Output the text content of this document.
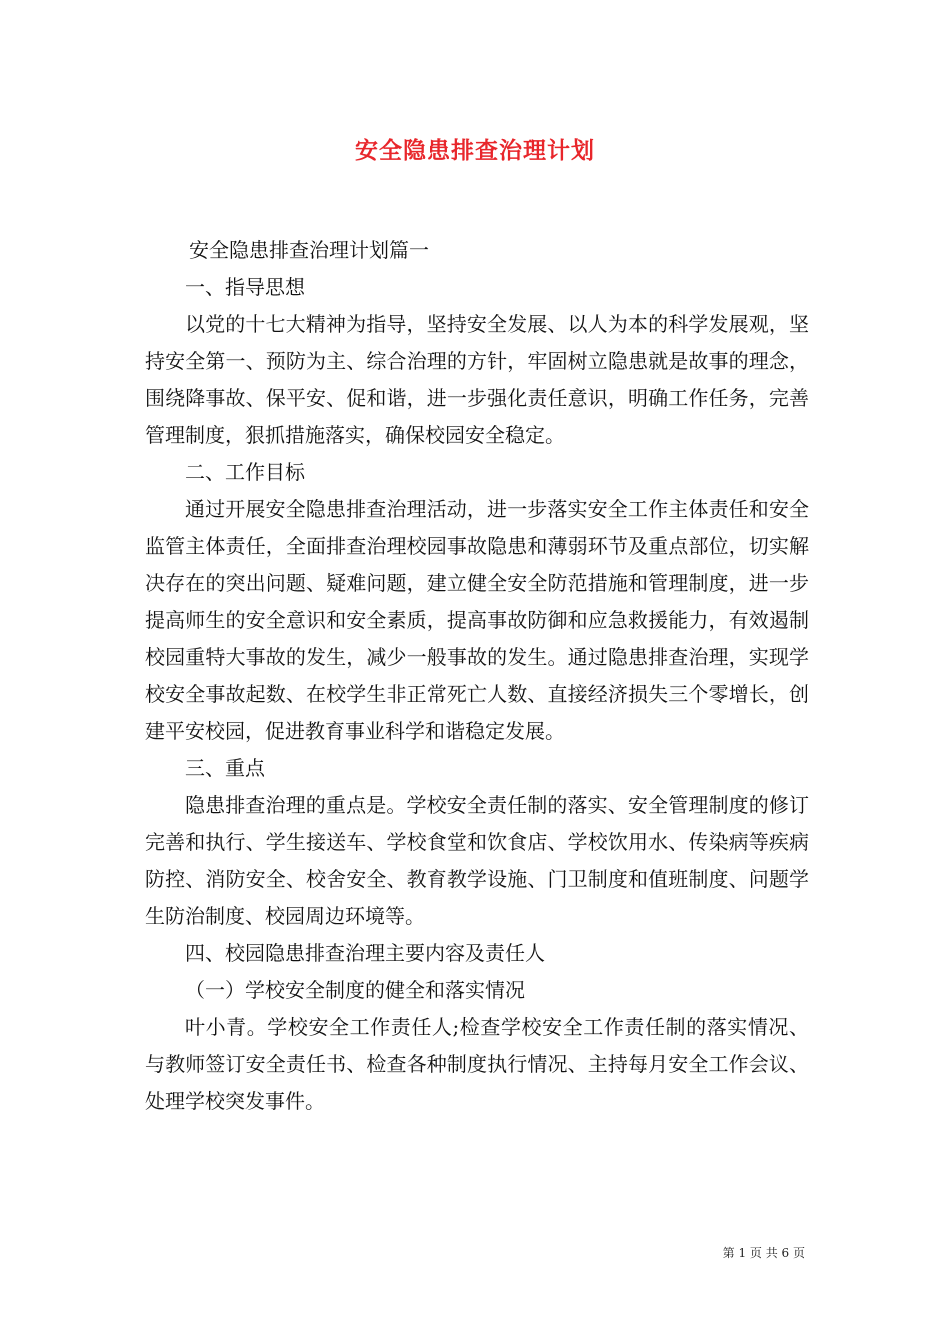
安全隐患排查治理计划

安全隐患排查治理计划篇一

一、指导思想

以党的十七大精神为指导，坚持安全发展、以人为本的科学发展观，坚持安全第一、预防为主、综合治理的方针，牢固树立隐患就是故事的理念，围绕降事故、保平安、促和谐，进一步强化责任意识，明确工作任务，完善管理制度，狠抓措施落实，确保校园安全稳定。

二、工作目标

通过开展安全隐患排查治理活动，进一步落实安全工作主体责任和安全监管主体责任，全面排查治理校园事故隐患和薄弱环节及重点部位，切实解决存在的突出问题、疑难问题，建立健全安全防范措施和管理制度，进一步提高师生的安全意识和安全素质，提高事故防御和应急救援能力，有效遏制校园重特大事故的发生，减少一般事故的发生。通过隐患排查治理，实现学校安全事故起数、在校学生非正常死亡人数、直接经济损失三个零增长，创建平安校园，促进教育事业科学和谐稳定发展。

三、重点

隐患排查治理的重点是。学校安全责任制的落实、安全管理制度的修订完善和执行、学生接送车、学校食堂和饮食店、学校饮用水、传染病等疾病防控、消防安全、校舍安全、教育教学设施、门卫制度和值班制度、问题学生防治制度、校园周边环境等。

四、校园隐患排查治理主要内容及责任人

（一）学校安全制度的健全和落实情况

叶小青。学校安全工作责任人;检查学校安全工作责任制的落实情况、与教师签订安全责任书、检查各种制度执行情况、主持每月安全工作会议、处理学校突发事件。

第 1 页 共 6 页
